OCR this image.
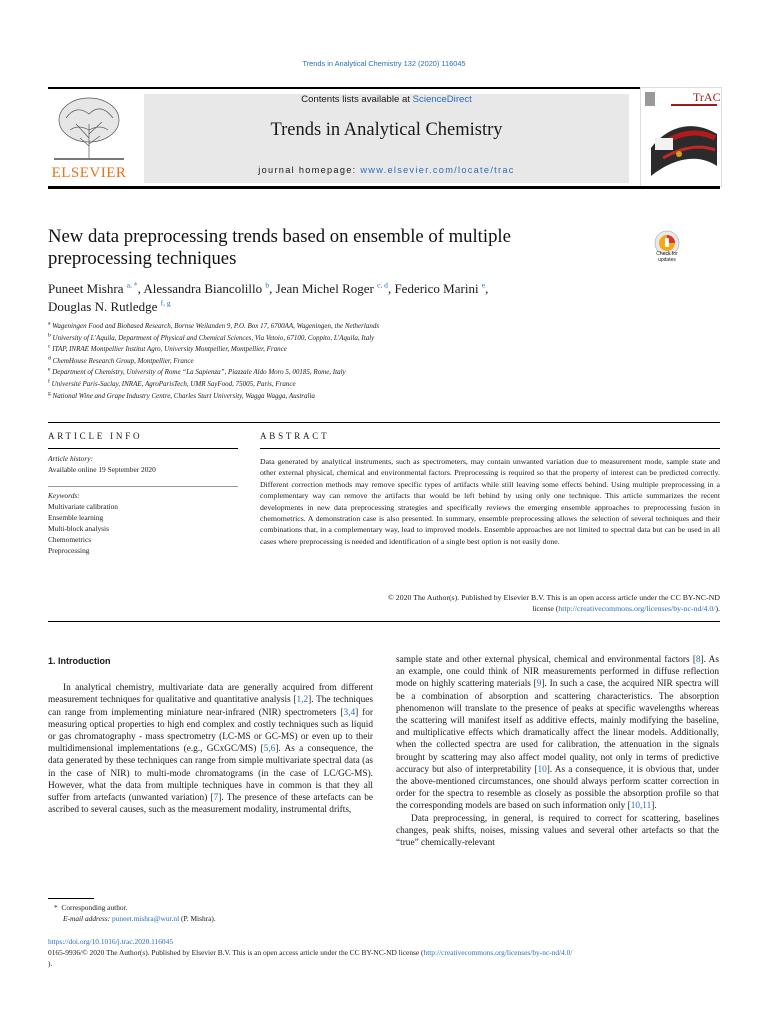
Trends in Analytical Chemistry 132 (2020) 116045
ELSEVIER
Contents lists available at ScienceDirect
Trends in Analytical Chemistry
journal homepage: www.elsevier.com/locate/trac
TrAC
New data preprocessing trends based on ensemble of multiple preprocessing techniques	Check for updates
Puneet Mishra $^{a, *}$, Alessandra Biancolillo $^b$, Jean Michel Roger $^{c, d}$, Federico Marini $^e$,
Douglas N. Rutledge $^{f, g}$
$^a$ Wageningen Food and Biobased Research, Bornse Weilanden 9, P.O. Box 17, 6700AA, Wageningen, the Netherlands
$^b$ University of L'Aquila, Department of Physical and Chemical Sciences, Via Vetoio, 67100, Coppito, L'Aquila, Italy
$^c$ ITAP, INRAE Montpellier Institut Agro, University Montpellier, Montpellier, France
$^d$ ChemHouse Research Group, Montpellier, France
$^e$ Department of Chemistry, University of Rome “La Sapienza”, Piazzale Aldo Moro 5, 00185, Rome, Italy
$^f$ Université Paris-Saclay, INRAE, AgroParisTech, UMR SayFood, 75005, Paris, France
$^g$ National Wine and Grape Industry Centre, Charles Sturt University, Wagga Wagga, Australia
ARTICLE INFO
Article history:
Available online 19 September 2020
Keywords:
Multivariate calibration
Ensemble learning
Multi-block analysis
Chemometrics
Preprocessing
ABSTRACT
Data generated by analytical instruments, such as spectrometers, may contain unwanted variation due to measurement mode, sample state and other external physical, chemical and environmental factors. Preprocessing is required so that the property of interest can be predicted correctly. Different correction methods may remove specific types of artifacts while still leaving some effects behind. Using multiple preprocessing in a complementary way can remove the artifacts that would be left behind by using only one technique. This article summarizes the recent developments in new data preprocessing strategies and specifically reviews the emerging ensemble approaches to preprocessing fusion in chemometrics. A demonstration case is also presented. In summary, ensemble preprocessing allows the selection of several techniques and their combinations that, in a complementary way, lead to improved models. Ensemble approaches are not limited to spectral data but can be used in all cases where preprocessing is needed and identification of a single best option is not easily done.
© 2020 The Author(s). Published by Elsevier B.V. This is an open access article under the CC BY-NC-ND
license (http://creativecommons.org/licenses/by-nc-nd/4.0/).
1. Introduction

In analytical chemistry, multivariate data are generally acquired from different measurement techniques for qualitative and quantitative analysis [1,2]. The techniques can range from implementing miniature near-infrared (NIR) spectrometers [3,4] for measuring optical properties to high end complex and costly techniques such as liquid or gas chromatography - mass spectrometry (LC-MS or GC-MS) or even up to their multidimensional implementations (e.g., GCxGC/MS) [5,6]. As a consequence, the data generated by these techniques can range from simple multivariate spectral data (as in the case of NIR) to multi-mode chromatograms (in the case of LC/GC-MS). However, what the data from multiple techniques have in common is that they all suffer from artefacts (unwanted variation) [7]. The presence of these artefacts can be ascribed to several causes, such as the measurement modality, instrumental drifts,

sample state and other external physical, chemical and environmental factors [8]. As an example, one could think of NIR measurements performed in diffuse reflection mode on highly scattering materials [9]. In such a case, the acquired NIR spectra will be a combination of absorption and scattering characteristics. The absorption phenomenon will translate to the presence of peaks at specific wavelengths whereas the scattering will manifest itself as additive effects, mainly modifying the baseline, and multiplicative effects which dramatically affect the linear models. Additionally, when the collected spectra are used for calibration, the attenuation in the signals brought by scattering may also affect model quality, not only in terms of predictive accuracy but also of interpretability [10]. As a consequence, it is obvious that, under the above-mentioned circumstances, one should always perform scatter correction in order for the spectra to resemble as closely as possible the absorption profile so that the corresponding models are based on such information only [10,11].

Data preprocessing, in general, is required to correct for scattering, baselines changes, peak shifts, noises, missing values and several other artefacts so that the “true” chemically-relevant

* Corresponding author.
E-mail address: puneet.mishra@wur.nl (P. Mishra).
https://doi.org/10.1016/j.trac.2020.116045
0165-9936/© 2020 The Author(s). Published by Elsevier B.V. This is an open access article under the CC BY-NC-ND license (http://creativecommons.org/licenses/by-nc-nd/4.0/
).
